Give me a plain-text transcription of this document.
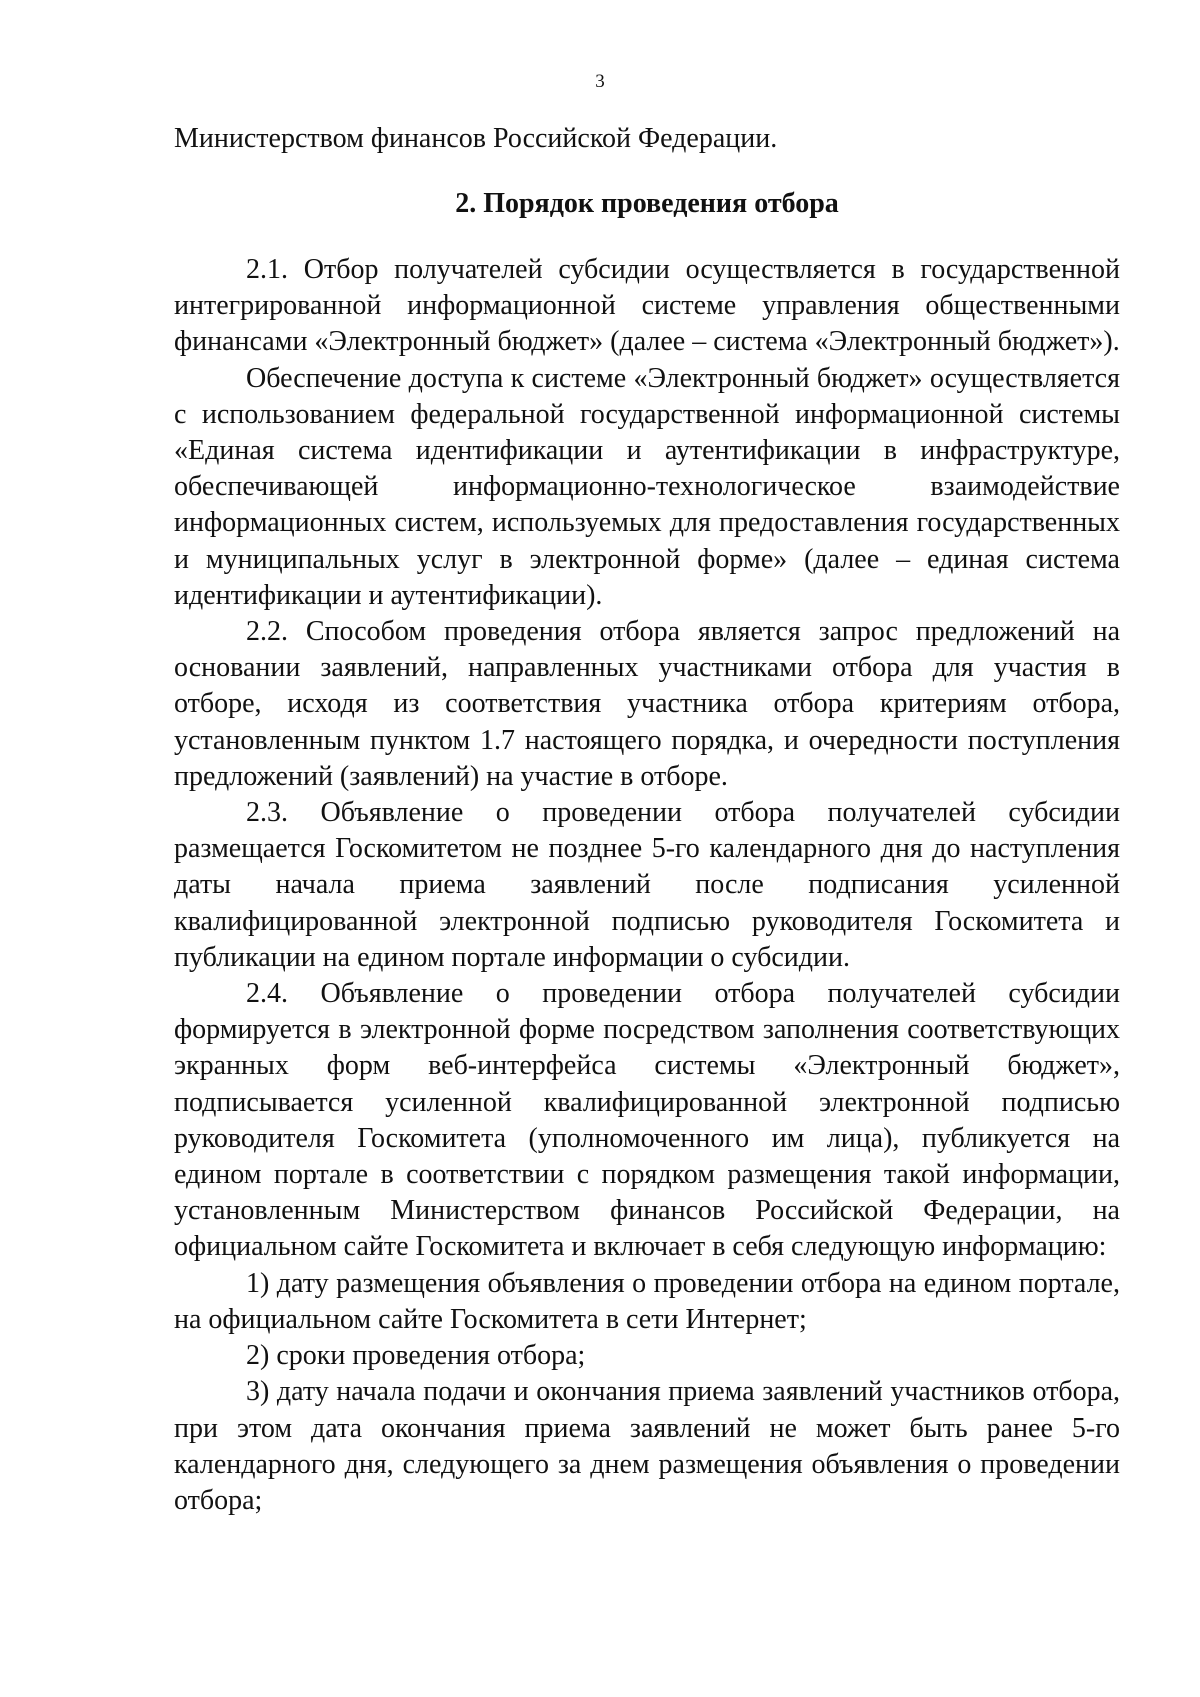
3
Министерством финансов Российской Федерации.
2. Порядок проведения отбора

2.1. Отбор получателей субсидии осуществляется в государственной интегрированной информационной системе управления общественными финансами «Электронный бюджет» (далее – система «Электронный бюджет»).

Обеспечение доступа к системе «Электронный бюджет» осуществляется с использованием федеральной государственной информационной системы «Единая система идентификации и аутентификации в инфраструктуре, обеспечивающей информационно-технологическое взаимодействие информационных систем, используемых для предоставления государственных и муниципальных услуг в электронной форме» (далее – единая система идентификации и аутентификации).

2.2. Способом проведения отбора является запрос предложений на основании заявлений, направленных участниками отбора для участия в отборе, исходя из соответствия участника отбора критериям отбора, установленным пунктом 1.7 настоящего порядка, и очередности поступления предложений (заявлений) на участие в отборе.

2.3. Объявление о проведении отбора получателей субсидии размещается Госкомитетом не позднее 5-го календарного дня до наступления даты начала приема заявлений после подписания усиленной квалифицированной электронной подписью руководителя Госкомитета и публикации на едином портале информации о субсидии.

2.4. Объявление о проведении отбора получателей субсидии формируется в электронной форме посредством заполнения соответствующих экранных форм веб-интерфейса системы «Электронный бюджет», подписывается усиленной квалифицированной электронной подписью руководителя Госкомитета (уполномоченного им лица), публикуется на едином портале в соответствии с порядком размещения такой информации, установленным Министерством финансов Российской Федерации, на официальном сайте Госкомитета и включает в себя следующую информацию:

1) дату размещения объявления о проведении отбора на едином портале, на официальном сайте Госкомитета в сети Интернет;

2) сроки проведения отбора;

3) дату начала подачи и окончания приема заявлений участников отбора, при этом дата окончания приема заявлений не может быть ранее 5-го календарного дня, следующего за днем размещения объявления о проведении отбора;
